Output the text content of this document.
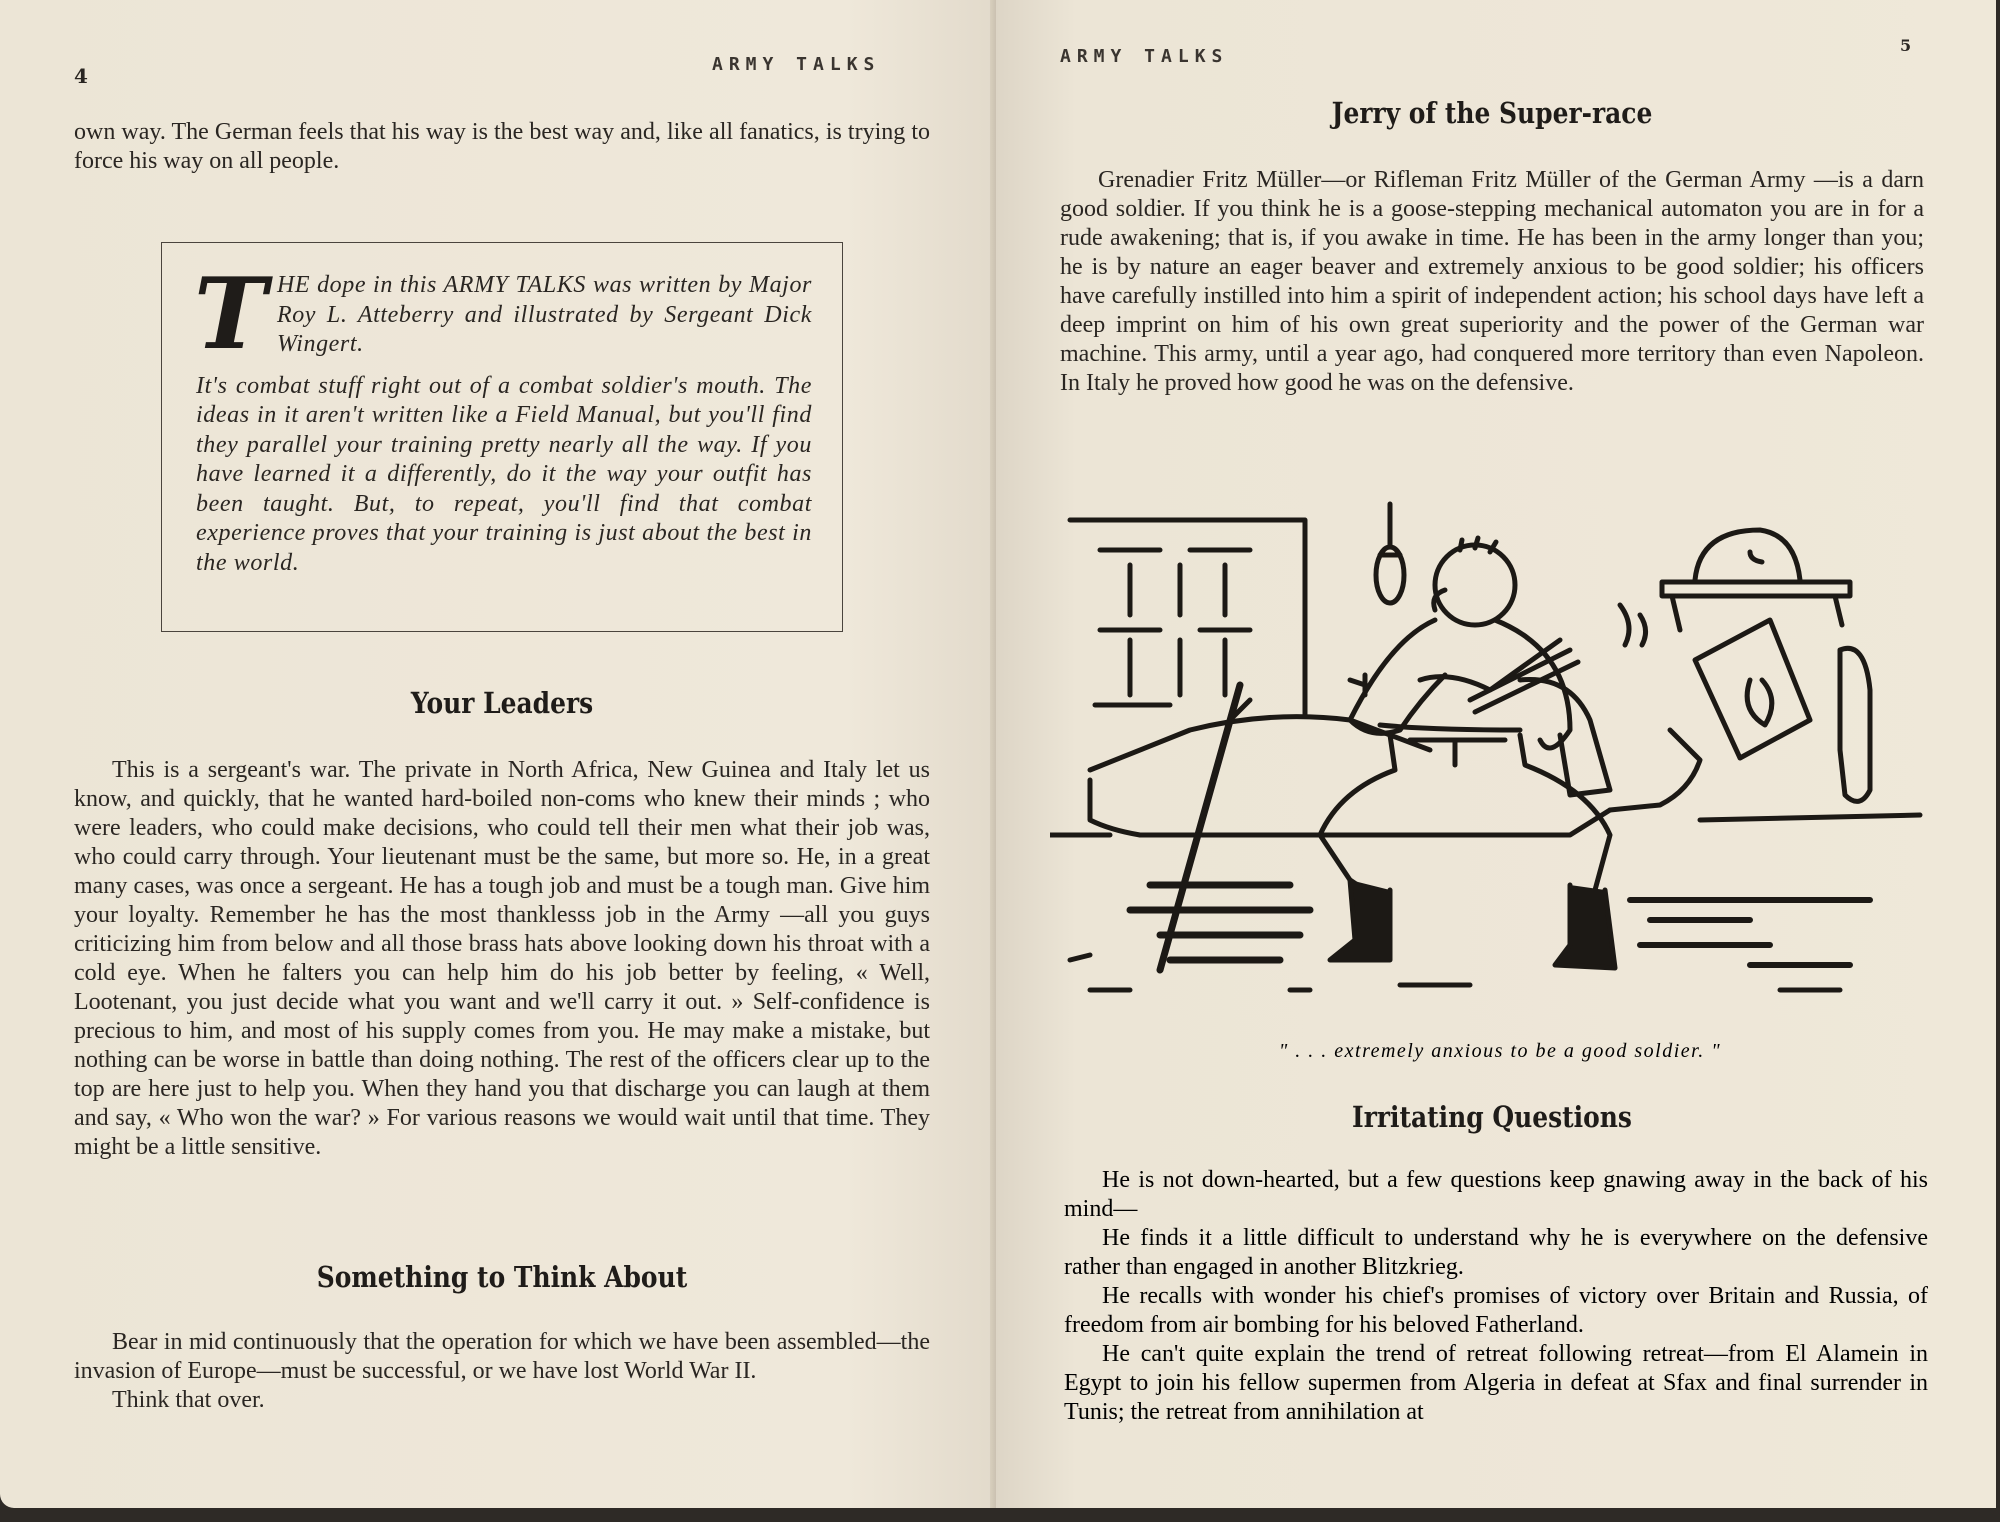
4	ARMY TALKS

own way. The German feels that his way is the best way and, like all fanatics, is trying to force his way on all people.

T HE dope in this ARMY TALKS was written by Major Roy L. Atteberry and illustrated by Sergeant Dick Wingert.

It's combat stuff right out of a combat soldier's mouth. The ideas in it aren't written like a Field Manual, but you'll find they parallel your training pretty nearly all the way. If you have learned it a differently, do it the way your outfit has been taught. But, to repeat, you'll find that combat experience proves that your training is just about the best in the world.

Your Leaders

This is a sergeant's war. The private in North Africa, New Guinea and Italy let us know, and quickly, that he wanted hard-boiled non-coms who knew their minds ; who were leaders, who could make decisions, who could tell their men what their job was, who could carry through. Your lieutenant must be the same, but more so. He, in a great many cases, was once a sergeant. He has a tough job and must be a tough man. Give him your loyalty. Remember he has the most thanklesss job in the Army —all you guys criticizing him from below and all those brass hats above looking down his throat with a cold eye. When he falters you can help him do his job better by feeling, « Well, Lootenant, you just decide what you want and we'll carry it out. » Self-confidence is precious to him, and most of his supply comes from you. He may make a mistake, but nothing can be worse in battle than doing nothing. The rest of the officers clear up to the top are here just to help you. When they hand you that discharge you can laugh at them and say, « Who won the war? » For various reasons we would wait until that time. They might be a little sensitive.

Something to Think About

Bear in mid continuously that the operation for which we have been assembled—the invasion of Europe—must be successful, or we have lost World War II.

Think that over.

ARMY TALKS
5
Jerry of the Super-race

Grenadier Fritz Müller—or Rifleman Fritz Müller of the German Army —is a darn good soldier. If you think he is a goose-stepping mechanical automaton you are in for a rude awakening; that is, if you awake in time. He has been in the army longer than you; he is by nature an eager beaver and extremely anxious to be good soldier; his officers have carefully instilled into him a spirit of independent action; his school days have left a deep imprint on him of his own great superiority and the power of the German war machine. This army, until a year ago, had conquered more territory than even Napoleon. In Italy he proved how good he was on the defensive.

" . . . extremely anxious to be a good soldier. "
Irritating Questions

He is not down-hearted, but a few questions keep gnawing away in the back of his mind—

He finds it a little difficult to understand why he is everywhere on the defensive rather than engaged in another Blitzkrieg.

He recalls with wonder his chief's promises of victory over Britain and Russia, of freedom from air bombing for his beloved Fatherland.

He can't quite explain the trend of retreat following retreat—from El Alamein in Egypt to join his fellow supermen from Algeria in defeat at Sfax and final surrender in Tunis; the retreat from annihilation at
